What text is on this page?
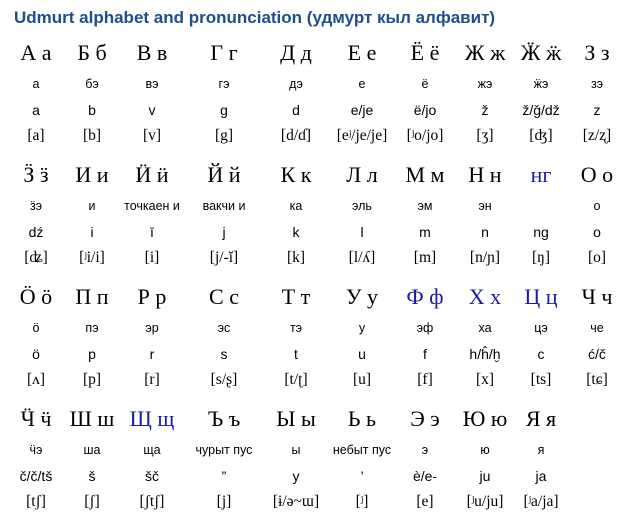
Udmurt alphabet and pronunciation (удмурт кыл алфавит)
А а
а
a
[a]
Б б
бэ
b
[b]
В в
вэ
v
[v]
Г г
гэ
g
[g]
Д д
дэ
d
[d/ɗ]
Е е
е
e/je
[eʲ/je/je]
Ё ё
ё
ë/jo
[ʲo/jo]
Ж ж
жэ
ž
[ʒ]
Ӝ ӝ
ӝэ
ž/ǧ/dž
[ʤ]
З з
зэ
z
[z/ʐ]
Ӟ ӟ
ӟэ
dź
[ʥ]
И и
и
i
[ʲi/i]
Ӥ ӥ
точкаен и
ī
[i]
Й й
вакчи и
j
[j/-ĭ]
К к
ка
k
[k]
Л л
эль
l
[l/ʎ]
М м
эм
m
[m]
Н н
эн
n
[n/ɲ]
нг
ng
[ŋ]
О о
о
o
[o]
Ӧ ӧ
ӧ
ö
[ʌ]
П п
пэ
p
[p]
Р р
эр
r
[r]
С с
эс
s
[s/ʂ]
Т т
тэ
t
[t/ʈ]
У у
у
u
[u]
Ф ф
эф
f
[f]
Х х
ха
h/ĥ/ḫ
[x]
Ц ц
цэ
c
[ts]
Ч ч
че
ć/č
[tɕ]
Ӵ ӵ
ӵэ
č/č/tš
[tʃ]
Ш ш
ша
š
[ʃ]
Щ щ
ща
šč
[ʃtʃ]
Ъ ъ
чурыт пус
”
[j]
Ы ы
ы
y
[ɨ/ə~ɯ]
Ь ь
небыт пус
’
[ʲ]
Э э
э
è/e-
[e]
Ю ю
ю
ju
[ʲu/ju]
Я я
я
ja
[ʲa/ja]
